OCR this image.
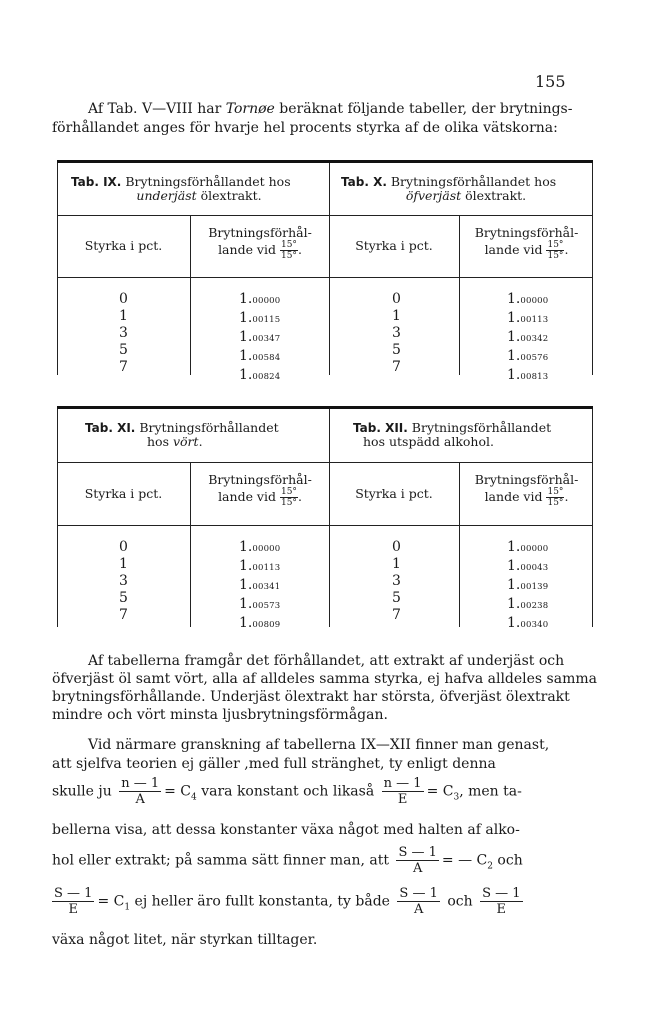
155
Af Tab. V—VIII har Tornøe beräknat följande tabeller, der brytnings-
förhållandet anges för hvarje hel procents styrka af de olika vätskorna:
Tab. IX. Brytningsförhållandet hos
underjäst ölextrakt.
Styrka i pct.
Brytningsförhål-
lande vid $\frac{15^\circ}{15^\circ}$ .
0
1
3
5
7
1.00000
1.00115
1.00347
1.00584
1.00824
Tab. X. Brytningsförhållandet hos
öfverjäst ölextrakt.
Styrka i pct.
Brytningsförhål-
lande vid $\frac{15^\circ}{15^\circ}$ .
0
1
3
5
7
1.00000
1.00113
1.00342
1.00576
1.00813
Tab. XI. Brytningsförhållandet
hos vört.
Styrka i pct.
Brytningsförhål-
lande vid $\frac{15^\circ}{15^\circ}$ .
0
1
3
5
7
1.00000
1.00113
1.00341
1.00573
1.00809
Tab. XII. Brytningsförhållandet
hos utspädd alkohol.
Styrka i pct.
Brytningsförhål-
lande vid $\frac{15^\circ}{15^\circ}$ .
0
1
3
5
7
1.00000
1.00043
1.00139
1.00238
1.00340

Af tabellerna framgår det förhållandet, att extrakt af underjäst och öfverjäst öl samt vört, alla af alldeles samma styrka, ej hafva alldeles samma brytningsförhållande. Underjäst ölextrakt har största, öfverjäst ölextrakt mindre och vört minsta ljusbrytningsförmågan.

Vid närmare granskning af tabellerna IX—XII finner man genast,
att sjelfva teorien ej gäller ,med full stränghet, ty enligt denna
skulle ju $\frac{n — 1}{A} = C_4$ vara konstant och likaså $\frac{n — 1}{E} = C_3$, men ta-
bellerna visa, att dessa konstanter växa något med halten af alko-
hol eller extrakt; på samma sätt finner man, att $\frac{S — 1}{A}$ = — $C_2$ och
$\frac{S — 1}{E} = C_1$ ej heller äro fullt konstanta, ty både $\frac{S — 1}{A}$ och $\frac{S — 1}{E}$
växa något litet, när styrkan tilltager.
